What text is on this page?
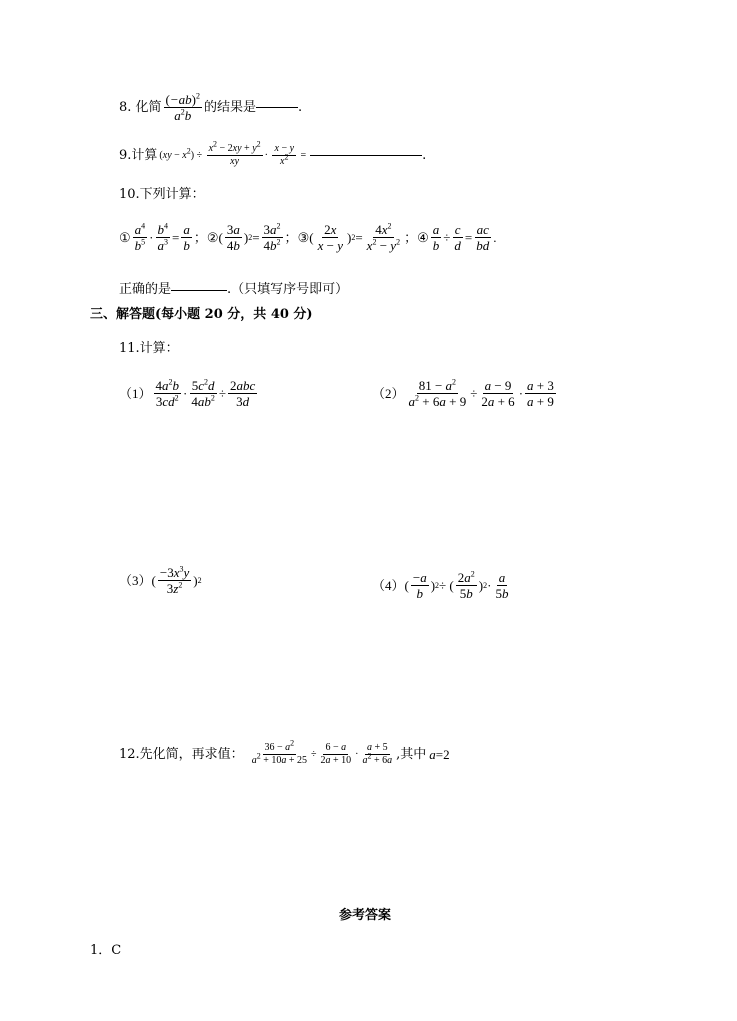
8. 化简 $\frac{(-ab)^2}{a^2b}$ 的结果是	.
9.计算 $(xy - x^2) \div \frac{x^2 - 2xy + y^2}{xy} \cdot \frac{x - y}{x^2}$ =	.
10.下列计算：
① $\frac{a^4}{b^5} \cdot \frac{b^4}{a^3} = \frac{a}{b}$ ； ② ( $\frac{3a}{4b}$ ) $2 = \frac{3a^2}{4b^2}$ ； ③ ( $\frac{2x}{x - y}$ ) $2 = \frac{4x^2}{x^2 - y^2}$ ； ④ $\frac{a}{b} \div \frac{c}{d} = \frac{ac}{bd}$ .
正确的是	.（只填写序号即可）
三、解答题(每小题 20 分，共 40 分)
11.计算：
$(1) \frac{4a^2b}{3cd^2} \cdot \frac{5c^2d}{4ab^2} \div \frac{\text{2abc}}{3d}$	$(2) \frac{81 - a^2}{a^2 + 6a + 9} \div \frac{a - 9}{2a + 6} \cdot \frac{a + 3}{a + 9}$
（3） ( $\frac{-3x^3y}{3z^2}$ ) 2	（4） ( $\frac{-a}{b}$ ) 2 ÷ ( $\frac{2a^2}{5b}$ ) $2 \cdot \frac{a}{5b}$
12.先化简，再求值： $\frac{36 - a^2}{a^2 + 10a + 25} \div \frac{6 - a}{2a + 10} \cdot \frac{a + 5}{a^2 + 6a}$ ,其中 a =2
参考答案
1．C
